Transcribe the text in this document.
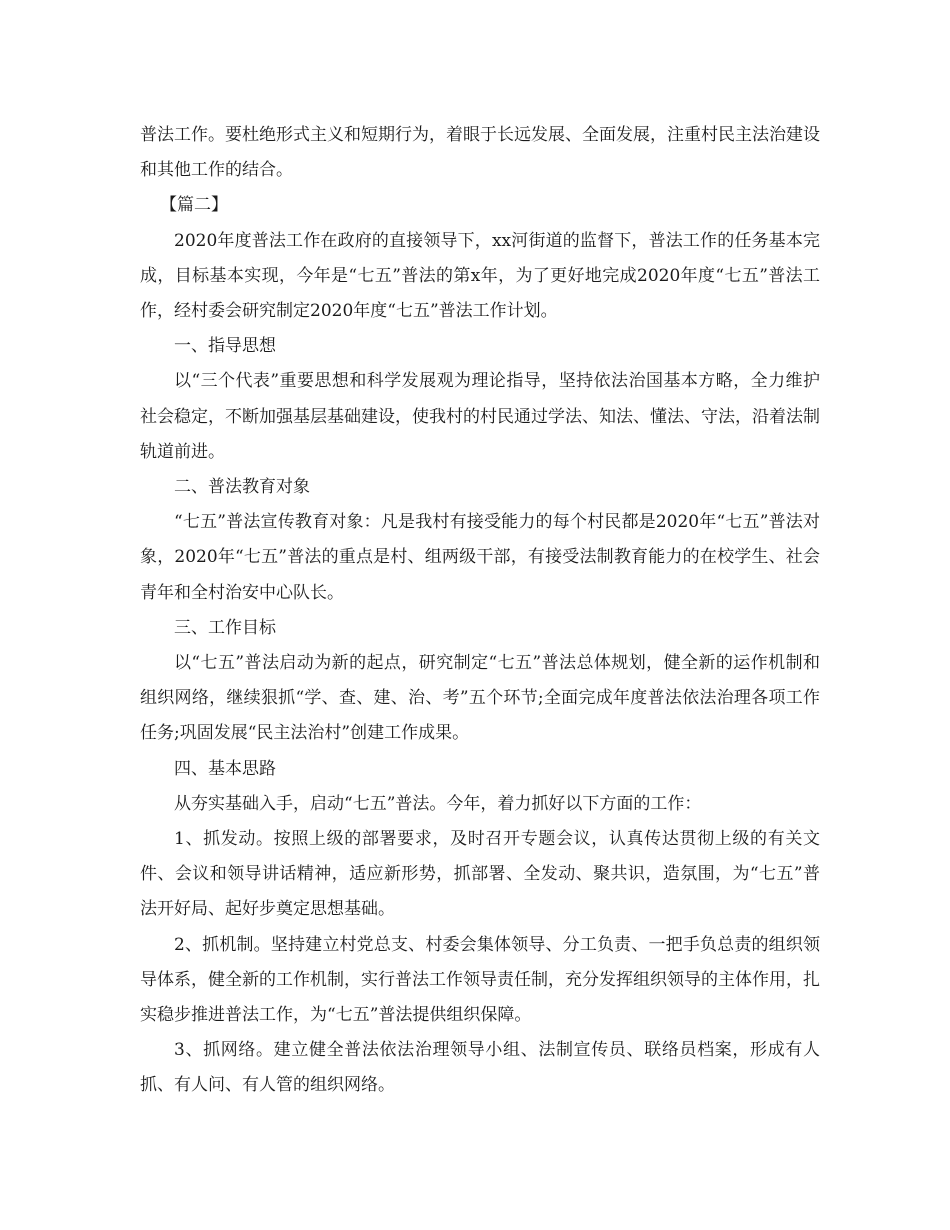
普法工作。要杜绝形式主义和短期行为，着眼于长远发展、全面发展，注重村民主法治建设和其他工作的结合。

【篇二】

2020年度普法工作在政府的直接领导下，xx河街道的监督下，普法工作的任务基本完成，目标基本实现，今年是“七五”普法的第x年，为了更好地完成2020年度“七五”普法工作，经村委会研究制定2020年度“七五”普法工作计划。

一、指导思想

以“三个代表”重要思想和科学发展观为理论指导，坚持依法治国基本方略，全力维护社会稳定，不断加强基层基础建设，使我村的村民通过学法、知法、懂法、守法，沿着法制轨道前进。

二、普法教育对象

“七五”普法宣传教育对象：凡是我村有接受能力的每个村民都是2020年“七五”普法对象，2020年“七五”普法的重点是村、组两级干部，有接受法制教育能力的在校学生、社会青年和全村治安中心队长。

三、工作目标

以“七五”普法启动为新的起点，研究制定“七五”普法总体规划，健全新的运作机制和组织网络，继续狠抓“学、查、建、治、考”五个环节;全面完成年度普法依法治理各项工作任务;巩固发展“民主法治村”创建工作成果。

四、基本思路

从夯实基础入手，启动“七五”普法。今年，着力抓好以下方面的工作：

1、抓发动。按照上级的部署要求，及时召开专题会议，认真传达贯彻上级的有关文件、会议和领导讲话精神，适应新形势，抓部署、全发动、聚共识，造氛围，为“七五”普法开好局、起好步奠定思想基础。

2、抓机制。坚持建立村党总支、村委会集体领导、分工负责、一把手负总责的组织领导体系，健全新的工作机制，实行普法工作领导责任制，充分发挥组织领导的主体作用，扎实稳步推进普法工作，为“七五”普法提供组织保障。

3、抓网络。建立健全普法依法治理领导小组、法制宣传员、联络员档案，形成有人抓、有人问、有人管的组织网络。
